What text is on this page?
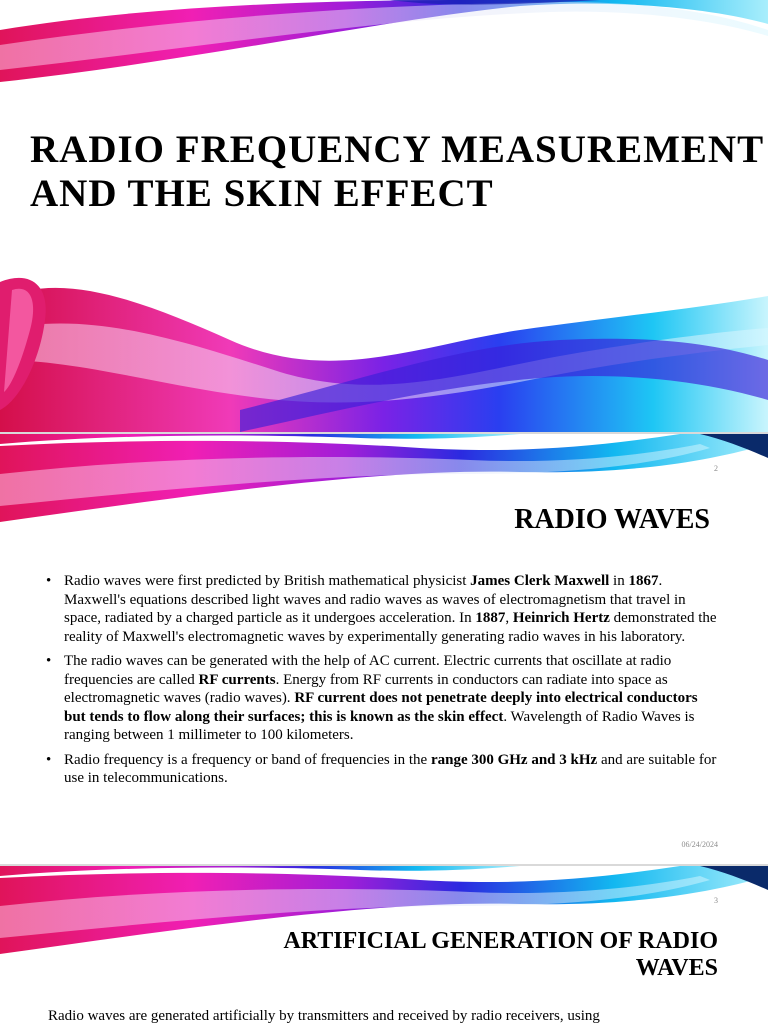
RADIO FREQUENCY MEASUREMENT
AND THE SKIN EFFECT
2
RADIO WAVES
• Radio waves were first predicted by British mathematical physicist James Clerk Maxwell in 1867. Maxwell's equations described light waves and radio waves as waves of electromagnetism that travel in space, radiated by a charged particle as it undergoes acceleration. In 1887, Heinrich Hertz demonstrated the reality of Maxwell's electromagnetic waves by experimentally generating radio waves in his laboratory.
• The radio waves can be generated with the help of AC current. Electric currents that oscillate at radio frequencies are called RF currents. Energy from RF currents in conductors can radiate into space as electromagnetic waves (radio waves). RF current does not penetrate deeply into electrical conductors but tends to flow along their surfaces; this is known as the skin effect. Wavelength of Radio Waves is ranging between 1 millimeter to 100 kilometers.
• Radio frequency is a frequency or band of frequencies in the range 300 GHz and 3 kHz and are suitable for use in telecommunications.
06/24/2024
3
ARTIFICIAL GENERATION OF RADIO
WAVES

Radio waves are generated artificially by transmitters and received by radio receivers, using
